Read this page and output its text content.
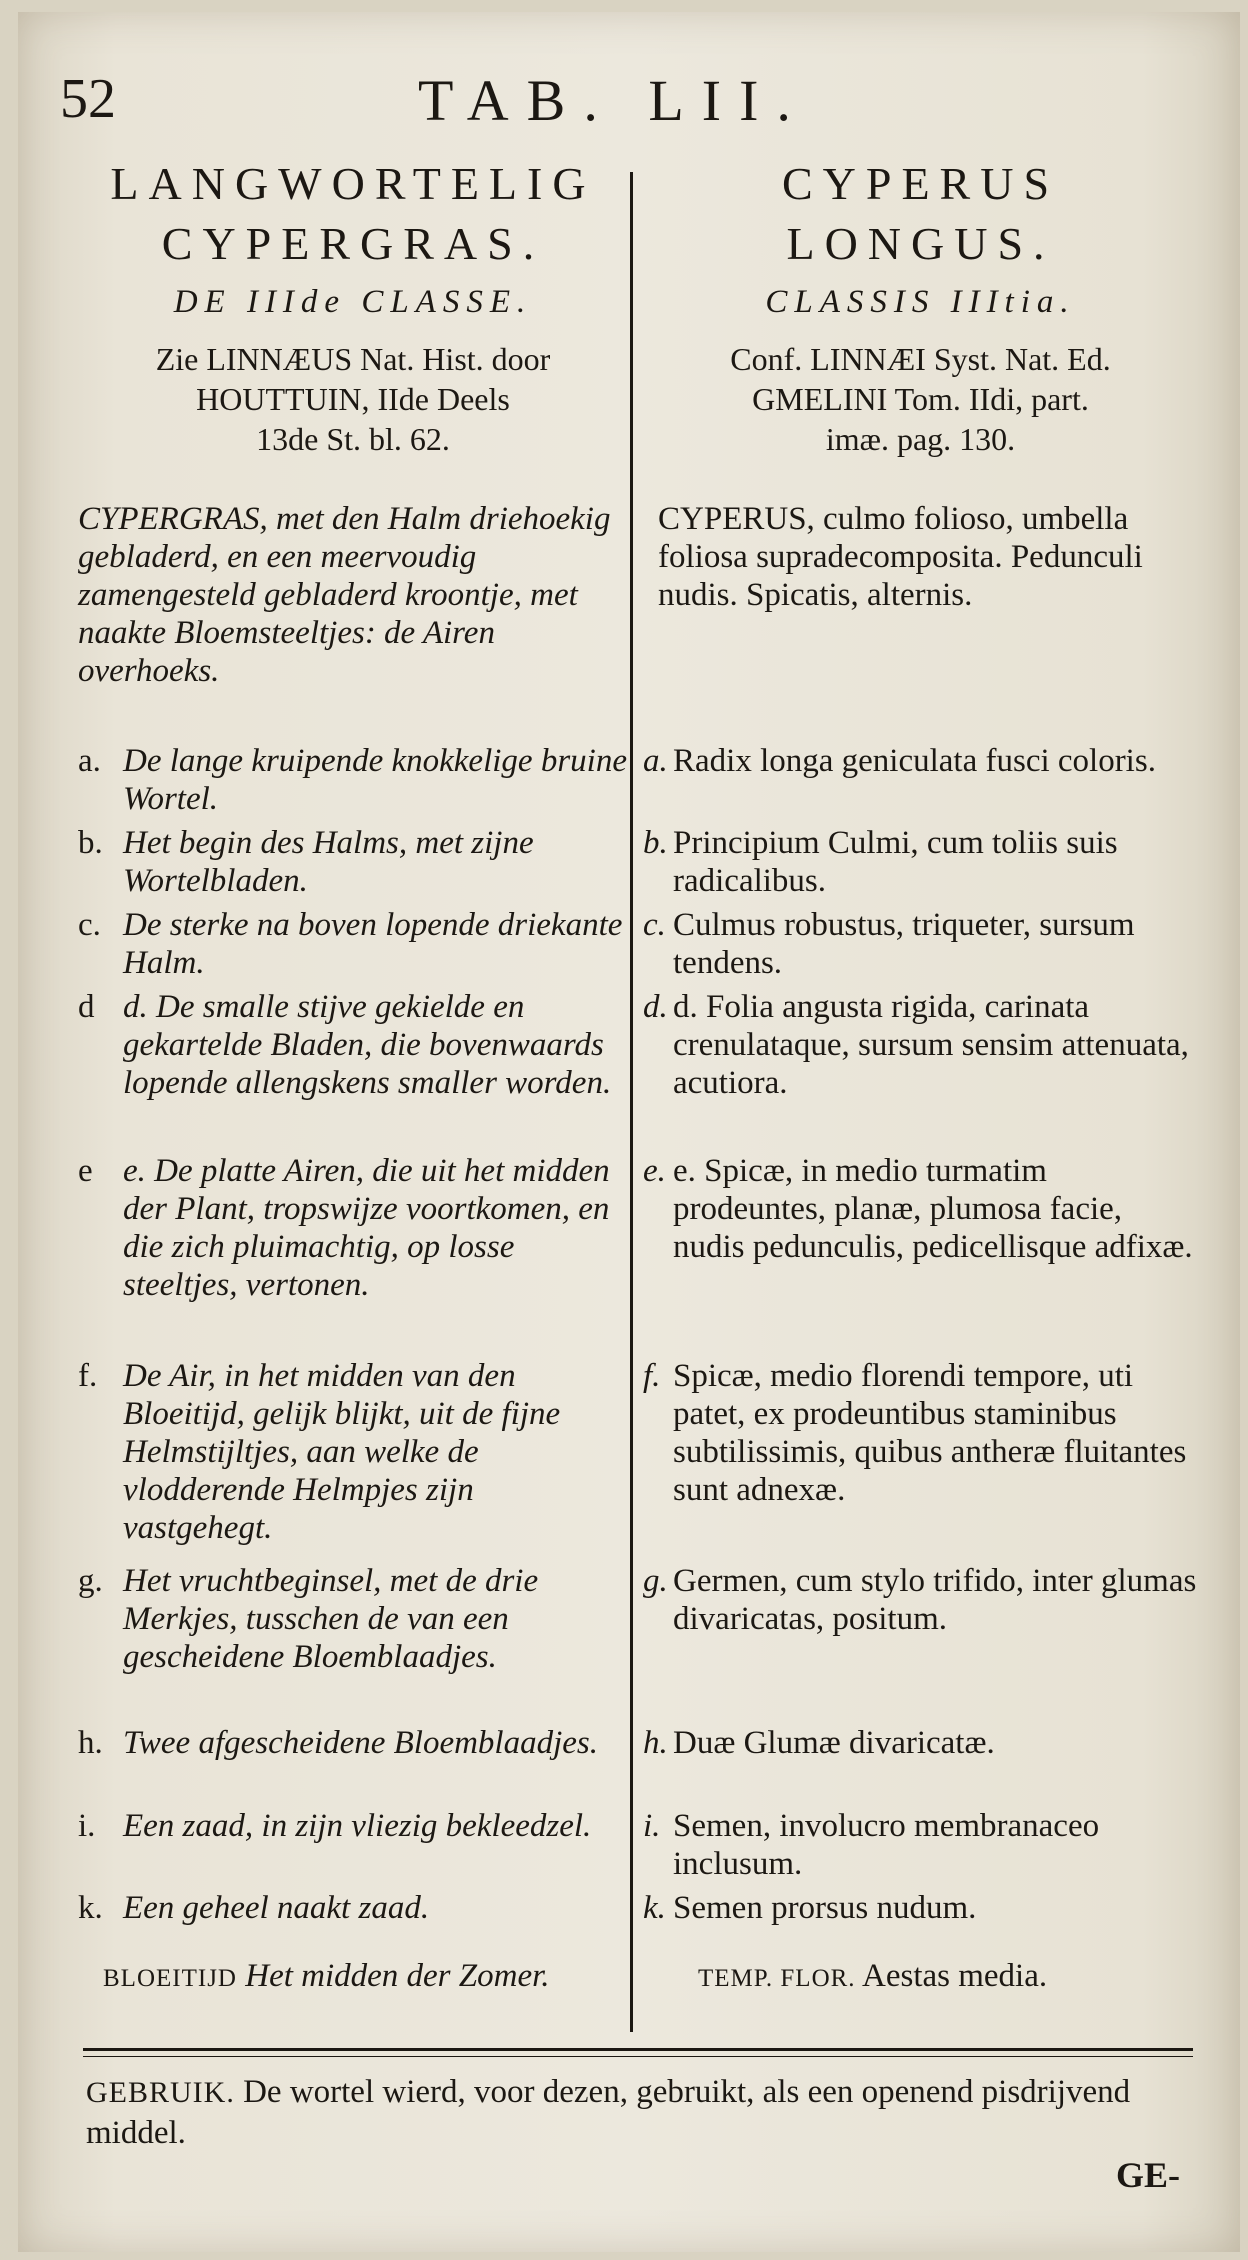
52	TAB. LII.
LANGWORTELIG
CYPERGRAS.
DE IIIde CLASSE.
Zie LINNÆUS Nat. Hist. door
HOUTTUIN, IIde Deels
13de St. bl. 62.
CYPERGRAS, met den Halm driehoekig gebladerd, en een meervoudig zamengesteld gebladerd kroontje, met naakte Bloemsteeltjes: de Airen overhoeks.
a. De lange kruipende knokkelige bruine Wortel.
b. Het begin des Halms, met zijne Wortelbladen.
c. De sterke na boven lopende driekante Halm.
d d. De smalle stijve gekielde en gekartelde Bladen, die bovenwaards lopende allengskens smaller worden.
e e. De platte Airen, die uit het midden der Plant, tropswijze voortkomen, en die zich pluimachtig, op losse steeltjes, vertonen.
f. De Air, in het midden van den Bloeitijd, gelijk blijkt, uit de fijne Helmstijltjes, aan welke de vlodderende Helmpjes zijn vastgehegt.
g. Het vruchtbeginsel, met de drie Merkjes, tusschen de van een gescheidene Bloemblaadjes.
h. Twee afgescheidene Bloemblaadjes.
i. Een zaad, in zijn vliezig bekleedzel.
k. Een geheel naakt zaad.
BLOEITIJD Het midden der Zomer.
CYPERUS
LONGUS.
CLASSIS IIItia.
Conf. LINNÆI Syst. Nat. Ed.
GMELINI Tom. IIdi, part.
imæ. pag. 130.
CYPERUS, culmo folioso, umbella foliosa supradecomposita. Pedunculi nudis. Spicatis, alternis.
a. Radix longa geniculata fusci coloris.
b. Principium Culmi, cum toliis suis radicalibus.
c. Culmus robustus, triqueter, sursum tendens.
d. d. Folia angusta rigida, carinata crenulataque, sursum sensim attenuata, acutiora.
e. e. Spicæ, in medio turmatim prodeuntes, planæ, plumosa facie, nudis pedunculis, pedicellisque adfixæ.
f. Spicæ, medio florendi tempore, uti patet, ex prodeuntibus staminibus subtilissimis, quibus antheræ fluitantes sunt adnexæ.
g. Germen, cum stylo trifido, inter glumas divaricatas, positum.
h. Duæ Glumæ divaricatæ.
i. Semen, involucro membranaceo inclusum.
k. Semen prorsus nudum.
TEMP. FLOR. Aestas media.
GEBRUIK. De wortel wierd, voor dezen, gebruikt, als een openend pisdrijvend middel.
GE-
